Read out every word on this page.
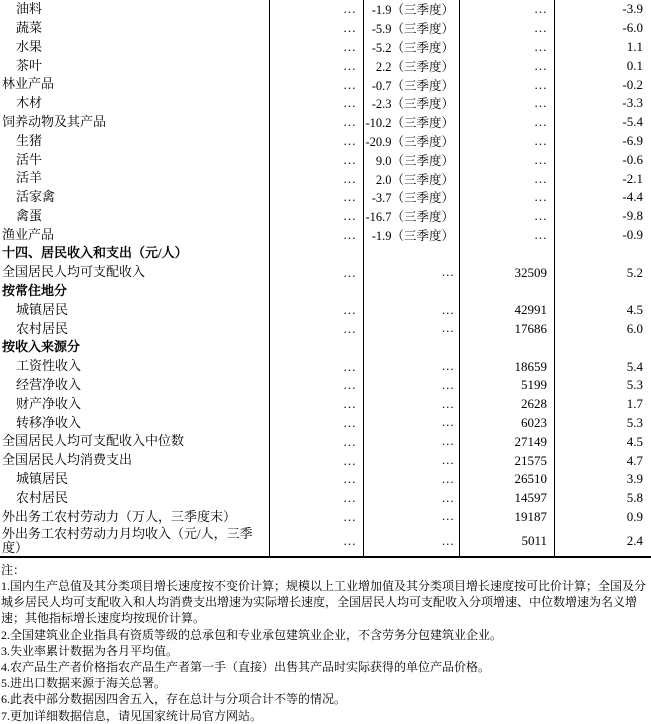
油料	…	-1.9（三季度）	…	-3.9
蔬菜	…	-5.9（三季度）	…	-6.0
水果	…	-5.2（三季度）	…	1.1
茶叶	…	2.2（三季度）	…	0.1
林业产品	…	-0.7（三季度）	…	-0.2
木材	…	-2.3（三季度）	…	-3.3
饲养动物及其产品	… -10.2（三季度）	…	-5.4
生猪	… -20.9（三季度）	…	-6.9
活牛	…	9.0（三季度）	…	-0.6
活羊	…	2.0（三季度）	…	-2.1
活家禽	…	-3.7（三季度）	…	-4.4
禽蛋	… -16.7（三季度）	…	-9.8
渔业产品	…	-1.9（三季度）	…	-0.9
十四、居民收入和支出（元/人）
全国居民人均可支配收入	…	…	32509	5.2
按常住地分
城镇居民	…	…	42991	4.5
农村居民	…	…	17686	6.0
按收入来源分
工资性收入	…	…	18659	5.4
经营净收入	…	…	5199	5.3
财产净收入	…	…	2628	1.7
转移净收入	…	…	6023	5.3
全国居民人均可支配收入中位数	…	…	27149	4.5
全国居民人均消费支出	…	…	21575	4.7
城镇居民	…	…	26510	3.9
农村居民	…	…	14597	5.8
外出务工农村劳动力（万人，三季度末）	…	…	19187	0.9
外出务工农村劳动力月均收入（元/人，三季度）	…	…	5011	2.4
注：
1.国内生产总值及其分类项目增长速度按不变价计算；规模以上工业增加值及其分类项目增长速度按可比价计算；全国及分城乡居民人均可支配收入和人均消费支出增速为实际增长速度，全国居民人均可支配收入分项增速、中位数增速为名义增速；其他指标增长速度均按现价计算。
2.全国建筑业企业指具有资质等级的总承包和专业承包建筑业企业，不含劳务分包建筑业企业。
3.失业率累计数据为各月平均值。
4.农产品生产者价格指农产品生产者第一手（直接）出售其产品时实际获得的单位产品价格。
5.进出口数据来源于海关总署。
6.此表中部分数据因四舍五入，存在总计与分项合计不等的情况。
7.更加详细数据信息，请见国家统计局官方网站。
